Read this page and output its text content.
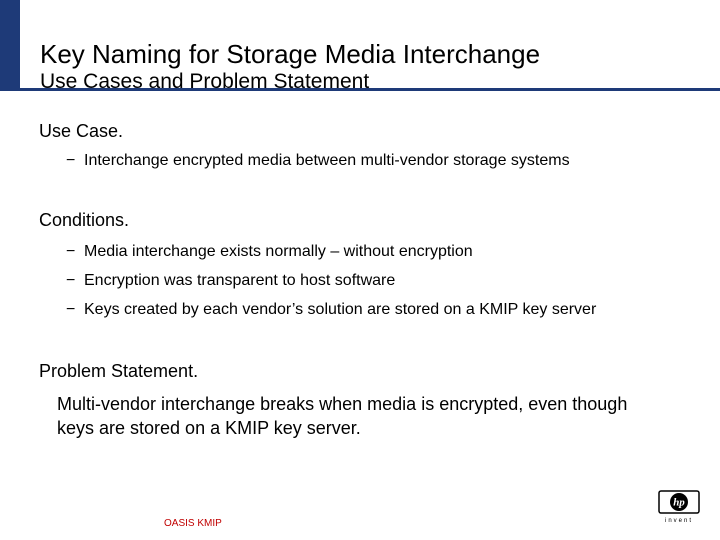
Key Naming for Storage Media Interchange
Use Cases and Problem Statement
Use Case.
− Interchange encrypted media between multi-vendor storage systems
Conditions.
− Media interchange exists normally – without encryption
− Encryption was transparent to host software
− Keys created by each vendor’s solution are stored on a KMIP key server
Problem Statement.
Multi-vendor interchange breaks when media is encrypted, even though keys are stored on a KMIP key server.
OASIS KMIP
hp
invent
